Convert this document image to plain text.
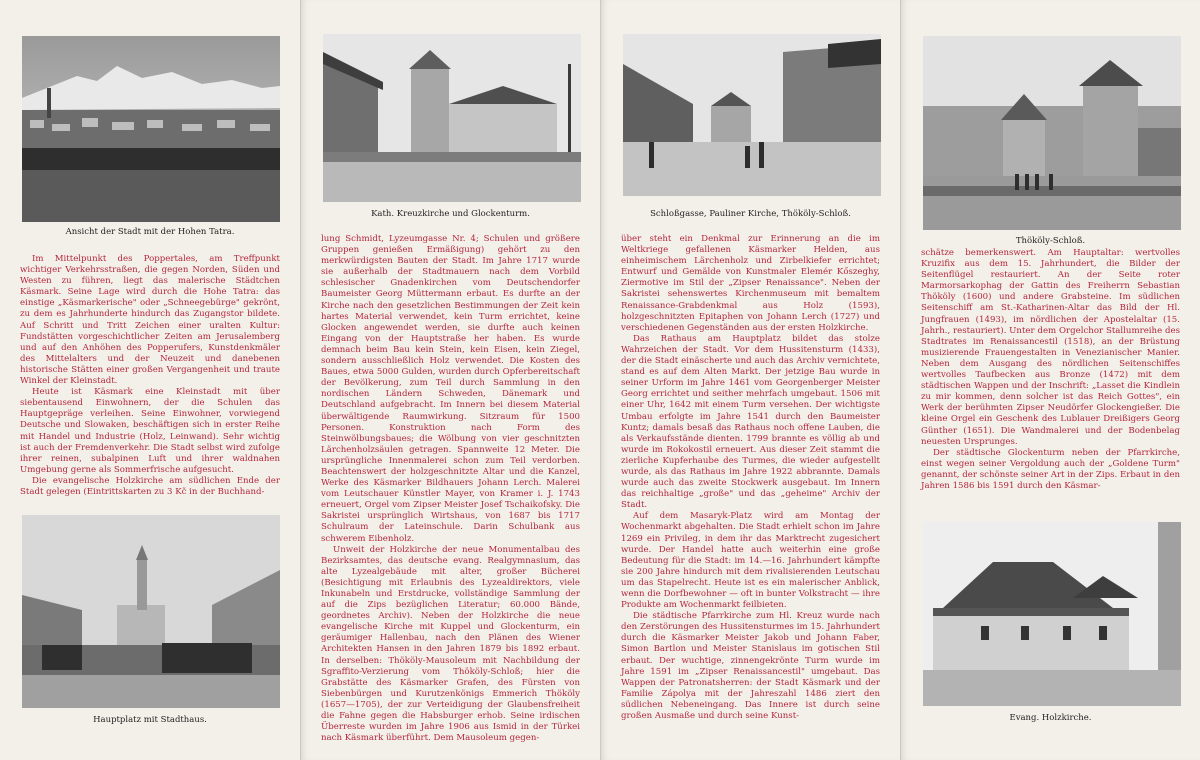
Ansicht der Stadt mit der Hohen Tatra.

Im Mittelpunkt des Poppertales, am Treffpunkt wichtiger Verkehrsstraßen, die gegen Norden, Süden und Westen zu führen, liegt das malerische Städtchen Käsmark. Seine Lage wird durch die Hohe Tatra: das einstige „Käsmarkerische" oder „Schneegebürge" gekrönt, zu dem es Jahrhunderte hindurch das Zugangstor bildete. Auf Schritt und Tritt Zeichen einer uralten Kultur: Fundstätten vorgeschichtlicher Zeiten am Jerusalemberg und auf den Anhöhen des Popperufers, Kunstdenkmäler des Mittelalters und der Neuzeit und danebenen historische Stätten einer großen Vergangenheit und traute Winkel der Kleinstadt.

Heute ist Käsmark eine Kleinstadt mit über siebentausend Einwohnern, der die Schulen das Hauptgepräge verleihen. Seine Einwohner, vorwiegend Deutsche und Slowaken, beschäftigen sich in erster Reihe mit Handel und Industrie (Holz, Leinwand). Sehr wichtig ist auch der Fremdenverkehr. Die Stadt selbst wird zufolge ihrer reinen, subalpinen Luft und ihrer waldnahen Umgebung gerne als Sommerfrische aufgesucht.

Die evangelische Holzkirche am südlichen Ende der Stadt gelegen (Eintrittskarten zu 3 Kč in der Buchhand-

Hauptplatz mit Stadthaus.
Kath. Kreuzkirche und Glockenturm.

lung Schmidt, Lyzeumgasse Nr. 4; Schulen und größere Gruppen genießen Ermäßigung) gehört zu den merkwürdigsten Bauten der Stadt. Im Jahre 1717 wurde sie außerhalb der Stadtmauern nach dem Vorbild schlesischer Gnadenkirchen vom Deutschendorfer Baumeister Georg Müttermann erbaut. Es durfte an der Kirche nach den gesetzlichen Bestimmungen der Zeit kein hartes Material verwendet, kein Turm errichtet, keine Glocken angewendet werden, sie durfte auch keinen Eingang von der Hauptstraße her haben. Es wurde demnach beim Bau kein Stein, kein Eisen, kein Ziegel, sondern ausschließlich Holz verwendet. Die Kosten des Baues, etwa 5000 Gulden, wurden durch Opferbereitschaft der Bevölkerung, zum Teil durch Sammlung in den nordischen Ländern Schweden, Dänemark und Deutschland aufgebracht. Im Innern bei diesem Material überwältigende Raumwirkung. Sitzraum für 1500 Personen. Konstruktion nach Form des Steinwölbungsbaues; die Wölbung von vier geschnitzten Lärchenholzsäulen getragen. Spannweite 12 Meter. Die ursprüngliche Innenmalerei schon zum Teil verdorben. Beachtenswert der holzgeschnitzte Altar und die Kanzel, Werke des Käsmarker Bildhauers Johann Lerch. Malerei vom Leutschauer Künstler Mayer, von Kramer i. J. 1743 erneuert, Orgel vom Zipser Meister Josef Tschaikofsky. Die Sakristei ursprünglich Wirtshaus, von 1687 bis 1717 Schulraum der Lateinschule. Darin Schulbank aus schwerem Eibenholz.

Unweit der Holzkirche der neue Monumentalbau des Bezirksamtes, das deutsche evang. Realgymnasium, das alte Lyzealgebäude mit alter, großer Bücherei (Besichtigung mit Erlaubnis des Lyzealdirektors, viele Inkunabeln und Erstdrucke, vollständige Sammlung der auf die Zips bezüglichen Literatur; 60.000 Bände, geordnetes Archiv). Neben der Holzkirche die neue evangelische Kirche mit Kuppel und Glockenturm, ein geräumiger Hallenbau, nach den Plänen des Wiener Architekten Hansen in den Jahren 1879 bis 1892 erbaut. In derselben: Thököly-Mausoleum mit Nachbildung der Sgraffito-Verzierung vom Thököly-Schloß; hier die Grabstätte des Käsmarker Grafen, des Fürsten von Siebenbürgen und Kurutzenkönigs Emmerich Thököly (1657—1705), der zur Verteidigung der Glaubensfreiheit die Fahne gegen die Habsburger erhob. Seine irdischen Überreste wurden im Jahre 1906 aus Ismid in der Türkei nach Käsmark überführt. Dem Mausoleum gegen-

Schloßgasse, Pauliner Kirche, Thököly-Schloß.

über steht ein Denkmal zur Erinnerung an die im Weltkriege gefallenen Käsmarker Helden, aus einheimischem Lärchenholz und Zirbelkiefer errichtet; Entwurf und Gemälde von Kunstmaler Elemér Kőszeghy, Ziermotive im Stil der „Zipser Renaissance". Neben der Sakristei sehenswertes Kirchenmuseum mit bemaltem Renaissance-Grabdenkmal aus Holz (1593), holzgeschnitzten Epitaphen von Johann Lerch (1727) und verschiedenen Gegenständen aus der ersten Holzkirche.

Das Rathaus am Hauptplatz bildet das stolze Wahrzeichen der Stadt. Vor dem Hussitensturm (1433), der die Stadt einäscherte und auch das Archiv vernichtete, stand es auf dem Alten Markt. Der jetzige Bau wurde in seiner Urform im Jahre 1461 vom Georgenberger Meister Georg errichtet und seither mehrfach umgebaut. 1506 mit einer Uhr, 1642 mit einem Turm versehen. Der wichtigste Umbau erfolgte im Jahre 1541 durch den Baumeister Kuntz; damals besaß das Rathaus noch offene Lauben, die als Verkaufsstände dienten. 1799 brannte es völlig ab und wurde im Rokokostil erneuert. Aus dieser Zeit stammt die zierliche Kupferhaube des Turmes, die wieder aufgestellt wurde, als das Rathaus im Jahre 1922 abbrannte. Damals wurde auch das zweite Stockwerk ausgebaut. Im Innern das reichhaltige „große" und das „geheime" Archiv der Stadt.

Auf dem Masaryk-Platz wird am Montag der Wochenmarkt abgehalten. Die Stadt erhielt schon im Jahre 1269 ein Privileg, in dem ihr das Marktrecht zugesichert wurde. Der Handel hatte auch weiterhin eine große Bedeutung für die Stadt: im 14.—16. Jahrhundert kämpfte sie 200 Jahre hindurch mit dem rivalisierenden Leutschau um das Stapelrecht. Heute ist es ein malerischer Anblick, wenn die Dorfbewohner — oft in bunter Volkstracht — ihre Produkte am Wochenmarkt feilbieten.

Die städtische Pfarrkirche zum Hl. Kreuz wurde nach den Zerstörungen des Hussitensturmes im 15. Jahrhundert durch die Käsmarker Meister Jakob und Johann Faber, Simon Bartlon und Meister Stanislaus im gotischen Stil erbaut. Der wuchtige, zinnengekrönte Turm wurde im Jahre 1591 im „Zipser Renaissancestil" umgebaut. Das Wappen der Patronatsherren: der Stadt Käsmark und der Familie Zápolya mit der Jahreszahl 1486 ziert den südlichen Nebeneingang. Das Innere ist durch seine großen Ausmaße und durch seine Kunst-

Thököly-Schloß.

schätze bemerkenswert. Am Hauptaltar: wertvolles Kruzifix aus dem 15. Jahrhundert, die Bilder der Seitenflügel restauriert. An der Seite roter Marmorsarkophag der Gattin des Freiherrn Sebastian Thököly (1600) und andere Grabsteine. Im südlichen Seitenschiff am St.-Katharinen-Altar das Bild der Hl. Jungfrauen (1493), im nördlichen der Apostelaltar (15. Jahrh., restauriert). Unter dem Orgelchor Stallumreihe des Stadtrates im Renaissancestil (1518), an der Brüstung musizierende Frauengestalten in Venezianischer Manier. Neben dem Ausgang des nördlichen Seitenschiffes wertvolles Taufbecken aus Bronze (1472) mit dem städtischen Wappen und der Inschrift: „Lasset die Kindlein zu mir kommen, denn solcher ist das Reich Gottes", ein Werk der berühmten Zipser Neudörfer Glockengießer. Die kleine Orgel ein Geschenk des Lublauer Dreißigers Georg Günther (1651). Die Wandmalerei und der Bodenbelag neuesten Ursprunges.

Der städtische Glockenturm neben der Pfarrkirche, einst wegen seiner Vergoldung auch der „Goldene Turm" genannt, der schönste seiner Art in der Zips. Erbaut in den Jahren 1586 bis 1591 durch den Käsmar-

Evang. Holzkirche.
